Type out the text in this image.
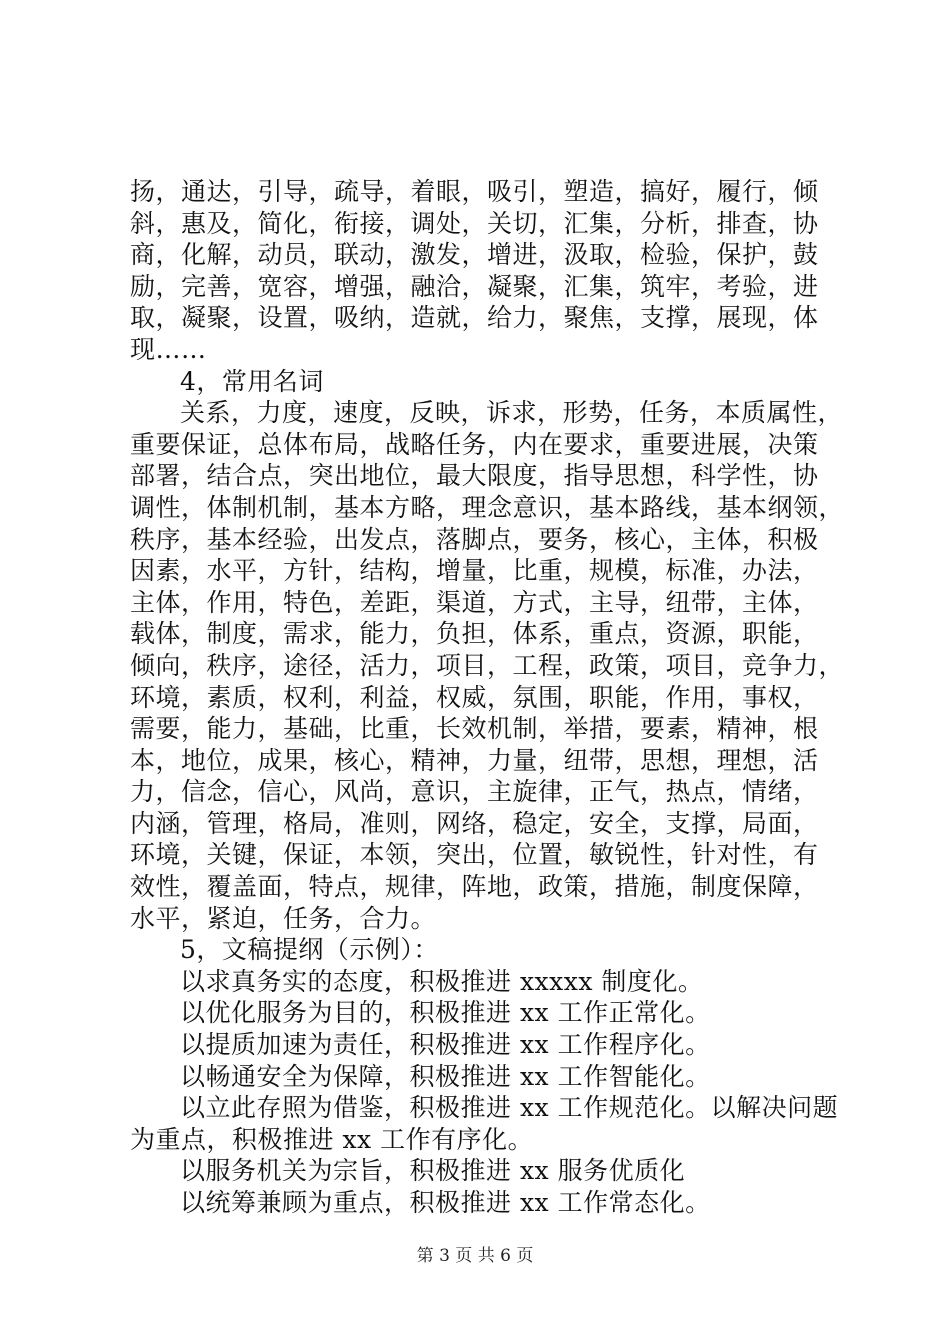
扬，通达，引导，疏导，着眼，吸引，塑造，搞好，履行，倾
斜，惠及，简化，衔接，调处，关切，汇集，分析，排查，协
商，化解，动员，联动，激发，增进，汲取，检验，保护，鼓
励，完善，宽容，增强，融洽，凝聚，汇集，筑牢，考验，进
取，凝聚，设置，吸纳，造就，给力，聚焦，支撑，展现，体
现……
4，常用名词
关系，力度，速度，反映，诉求，形势，任务，本质属性，
重要保证，总体布局，战略任务，内在要求，重要进展，决策
部署，结合点，突出地位，最大限度，指导思想，科学性，协
调性，体制机制，基本方略，理念意识，基本路线，基本纲领，
秩序，基本经验，出发点，落脚点，要务，核心，主体，积极
因素，水平，方针，结构，增量，比重，规模，标准，办法，
主体，作用，特色，差距，渠道，方式，主导，纽带，主体，
载体，制度，需求，能力，负担，体系，重点，资源，职能，
倾向，秩序，途径，活力，项目，工程，政策，项目，竞争力，
环境，素质，权利，利益，权威，氛围，职能，作用，事权，
需要，能力，基础，比重，长效机制，举措，要素，精神，根
本，地位，成果，核心，精神，力量，纽带，思想，理想，活
力，信念，信心，风尚，意识，主旋律，正气，热点，情绪，
内涵，管理，格局，准则，网络，稳定，安全，支撑，局面，
环境，关键，保证，本领，突出，位置，敏锐性，针对性，有
效性，覆盖面，特点，规律，阵地，政策，措施，制度保障，
水平，紧迫，任务，合力。
5，文稿提纲（示例）：
以求真务实的态度，积极推进 xxxxx 制度化。
以优化服务为目的，积极推进 xx 工作正常化。
以提质加速为责任，积极推进 xx 工作程序化。
以畅通安全为保障，积极推进 xx 工作智能化。
以立此存照为借鉴，积极推进 xx 工作规范化。以解决问题
为重点，积极推进 xx 工作有序化。
以服务机关为宗旨，积极推进 xx 服务优质化
以统筹兼顾为重点，积极推进 xx 工作常态化。
第 3 页 共 6 页
